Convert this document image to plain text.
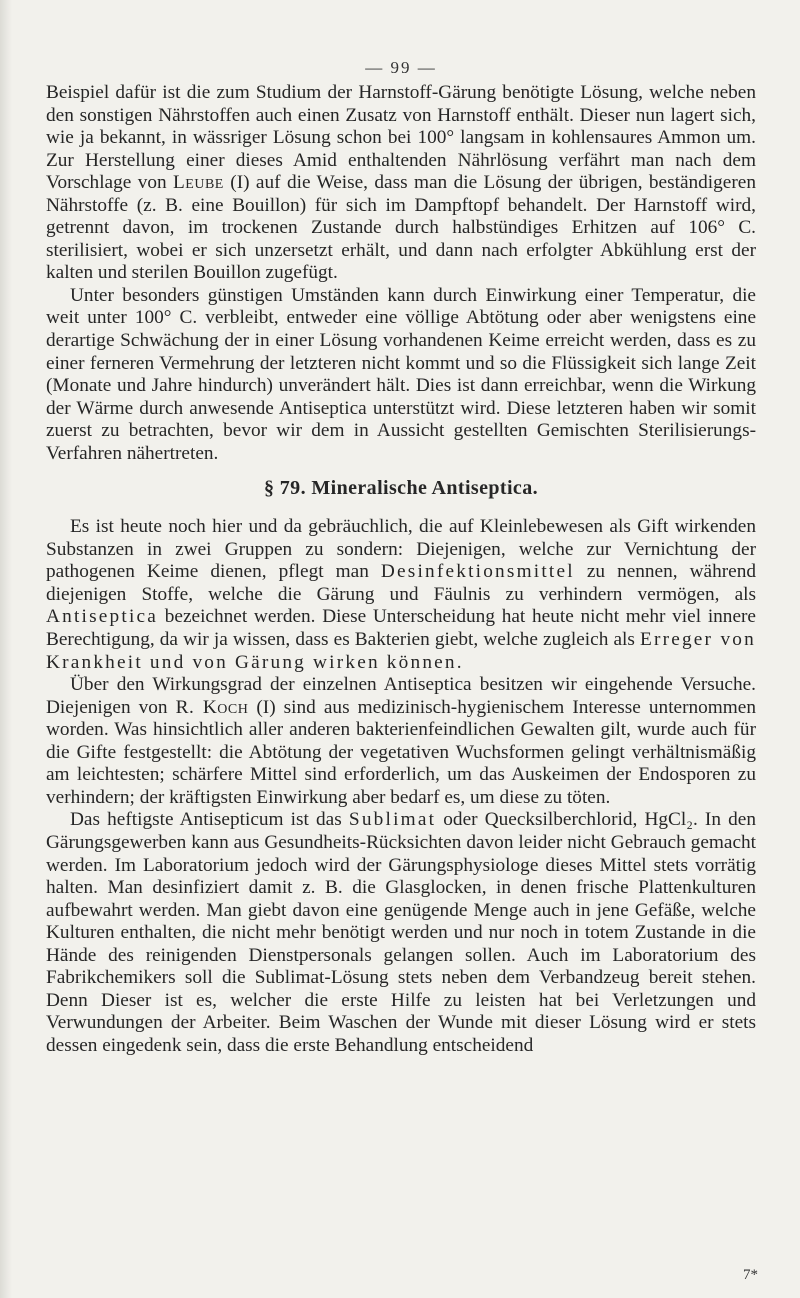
— 99 —

Beispiel dafür ist die zum Studium der Harnstoff-Gärung benötigte Lösung, welche neben den sonstigen Nährstoffen auch einen Zusatz von Harnstoff enthält. Dieser nun lagert sich, wie ja bekannt, in wässriger Lösung schon bei 100° langsam in kohlensaures Ammon um. Zur Herstellung einer dieses Amid enthaltenden Nährlösung verfährt man nach dem Vorschlage von Leube (I) auf die Weise, dass man die Lösung der übrigen, beständigeren Nährstoffe (z. B. eine Bouillon) für sich im Dampftopf behandelt. Der Harnstoff wird, getrennt davon, im trockenen Zustande durch halbstündiges Erhitzen auf 106° C. sterilisiert, wobei er sich unzersetzt erhält, und dann nach erfolgter Abkühlung erst der kalten und sterilen Bouillon zugefügt.

Unter besonders günstigen Umständen kann durch Einwirkung einer Temperatur, die weit unter 100° C. verbleibt, entweder eine völlige Abtötung oder aber wenigstens eine derartige Schwächung der in einer Lösung vorhandenen Keime erreicht werden, dass es zu einer ferneren Vermehrung der letzteren nicht kommt und so die Flüssigkeit sich lange Zeit (Monate und Jahre hindurch) unverändert hält. Dies ist dann erreichbar, wenn die Wirkung der Wärme durch anwesende Antiseptica unterstützt wird. Diese letzteren haben wir somit zuerst zu betrachten, bevor wir dem in Aussicht gestellten Gemischten Sterilisierungs-Verfahren nähertreten.

§ 79. Mineralische Antiseptica.

Es ist heute noch hier und da gebräuchlich, die auf Kleinlebewesen als Gift wirkenden Substanzen in zwei Gruppen zu sondern: Diejenigen, welche zur Vernichtung der pathogenen Keime dienen, pflegt man Desinfektionsmittel zu nennen, während diejenigen Stoffe, welche die Gärung und Fäulnis zu verhindern vermögen, als Antiseptica bezeichnet werden. Diese Unterscheidung hat heute nicht mehr viel innere Berechtigung, da wir ja wissen, dass es Bakterien giebt, welche zugleich als Erreger von Krankheit und von Gärung wirken können.

Über den Wirkungsgrad der einzelnen Antiseptica besitzen wir eingehende Versuche. Diejenigen von R. Koch (I) sind aus medizinisch-hygienischem Interesse unternommen worden. Was hinsichtlich aller anderen bakterienfeindlichen Gewalten gilt, wurde auch für die Gifte festgestellt: die Abtötung der vegetativen Wuchsformen gelingt verhältnismäßig am leichtesten; schärfere Mittel sind erforderlich, um das Auskeimen der Endosporen zu verhindern; der kräftigsten Einwirkung aber bedarf es, um diese zu töten.

Das heftigste Antisepticum ist das Sublimat oder Quecksilberchlorid, HgCl₂. In den Gärungsgewerben kann aus Gesundheits-Rücksichten davon leider nicht Gebrauch gemacht werden. Im Laboratorium jedoch wird der Gärungsphysiologe dieses Mittel stets vorrätig halten. Man desinfiziert damit z. B. die Glasglocken, in denen frische Plattenkulturen aufbewahrt werden. Man giebt davon eine genügende Menge auch in jene Gefäße, welche Kulturen enthalten, die nicht mehr benötigt werden und nur noch in totem Zustande in die Hände des reinigenden Dienstpersonals gelangen sollen. Auch im Laboratorium des Fabrikchemikers soll die Sublimat-Lösung stets neben dem Verbandzeug bereit stehen. Denn Dieser ist es, welcher die erste Hilfe zu leisten hat bei Verletzungen und Verwundungen der Arbeiter. Beim Waschen der Wunde mit dieser Lösung wird er stets dessen eingedenk sein, dass die erste Behandlung entscheidend

7*
